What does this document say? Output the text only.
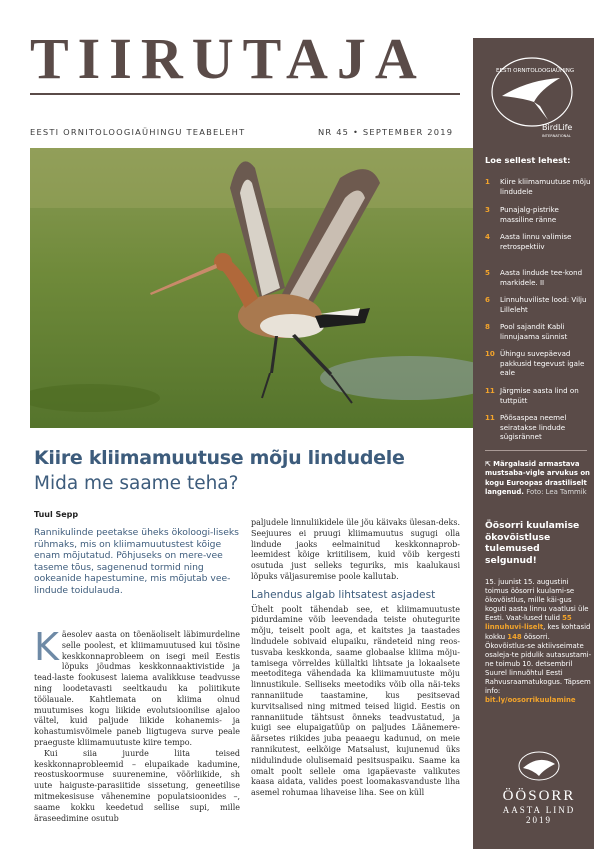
TIIRUTAJA
EESTI ORNITOLOOGIAÜHINGU TEABELEHT	NR 45 • SEPTEMBER 2019
EESTI ORNITOLOOGIAÜHING
BirdLife
INTERNATIONAL
Loe sellest lehest:
1 Kiire kliimamuutuse mõju lindudele
3 Punajalg-pistrike massiline ränne
4 Aasta linnu valimise retrospektiiv
5 Aasta lindude tee-kond markidele. II
6 Linnuhuviliste lood: Vilju Lilleleht
8 Pool sajandit Kabli linnujaama sünnist
10 Ühingu suvepäevad pakkusid tegevust igale eale
11 Järgmise aasta lind on tuttpütt
11 Põõsaspea neemel seiratakse lindude sügisrännet
⇱ Märgalasid armastava mustsaba-vigle arvukus on kogu Euroopas drastiliselt langenud. Foto: Lea Tammik
Öösorri kuulamise ökovõistluse tulemused selgunud!
15. juunist 15. augustini toimus öösorri kuulami-se ökovõistlus, mille käi-gus koguti aasta linnu vaatlusi üle Eesti. Vaat-lused tulid 55 linnuhuvi-liselt, kes kohtasid kokku 148 öösorri. Ökovõistlus-se aktiivseimate osaleja-te pidulik autasustami-ne toimub 10. detsembril Suurel linnuõhtul Eesti Rahvusraamatukogus. Täpsem info:
bit.ly/oosorrikuulamine
ÖÖSORR
AASTA LIND 2019
Kiire kliimamuutuse mõju lindudele
Mida me saame teha?
Tuul Sepp
Rannikulinde peetakse üheks ökoloogi-liseks rühmaks, mis on kliimamuutustest kõige enam mõjutatud. Põhjuseks on mere-vee taseme tõus, sagenenud tormid ning ookeanide hapestumine, mis mõjutab vee-lindude toidulauda.

Käesolev aasta on tõenäoliselt läbimurdeline selle poolest, et kliimamuutused kui tõsine keskkonnaprobleem on isegi meil Eestis lõpuks jõudmas keskkonnaaktivistide ja tead-laste fookusest laiema avalikkuse teadvusse ning loodetavasti seeltkaudu ka poliitikute töölauale. Kahtlemata on kliima olnud muutumises kogu liikide evolutsioonilise ajaloo vältel, kuid paljude liikide kohanemis- ja kohastumisvõimele paneb liigtugeva surve peale praeguste kliimamuutuste kiire tempo.

Kui siia juurde liita teised keskkonnaprobleemid – elupaikade kadumine, reostuskoormuse suurenemine, võõrliikide, sh uute haiguste-parasiitide sissetung, geneetilise mitmekesisuse vähenemine populatsioonides –, saame kokku keedetud sellise supi, mille äraseedimine osutub

paljudele linnuliikidele üle jõu käivaks ülesan-deks. Seejuures ei pruugi kliimamuutus sugugi olla lindude jaoks eelmainitud keskkonnaprob-leemidest kõige kriitilisem, kuid võib kergesti osutuda just selleks teguriks, mis kaalukausi lõpuks väljasuremise poole kallutab.

Lahendus algab lihtsatest asjadest

Ühelt poolt tähendab see, et kliimamuutuste pidurdamine võib leevendada teiste ohutegurite mõju, teiselt poolt aga, et kaitstes ja taastades lindudele sobivaid elupaiku, rändeteid ning reos-tusvaba keskkonda, saame globaalse kliima mõju-tamisega võrreldes küllaltki lihtsate ja lokaalsete meetoditega vähendada ka kliimamuutuste mõju linnustikule. Selliseks meetodiks võib olla näi-teks rannaniitude taastamine, kus pesitsevad kurvitsalised ning mitmed teised liigid. Eestis on rannaniitude tähtsust õnneks teadvustatud, ja kuigi see elupaigatüüp on paljudes Läänemere-äärsetes riikides juba peaaegu kadunud, on meie rannikutest, eelkõige Matsalust, kujunenud üks niidulindude olulisemaid pesitsuspaiku. Saame ka omalt poolt sellele oma igapäevaste valikutes kaasa aidata, valides poest loomakasvanduste liha asemel rohumaa lihaveise liha. See on küll
